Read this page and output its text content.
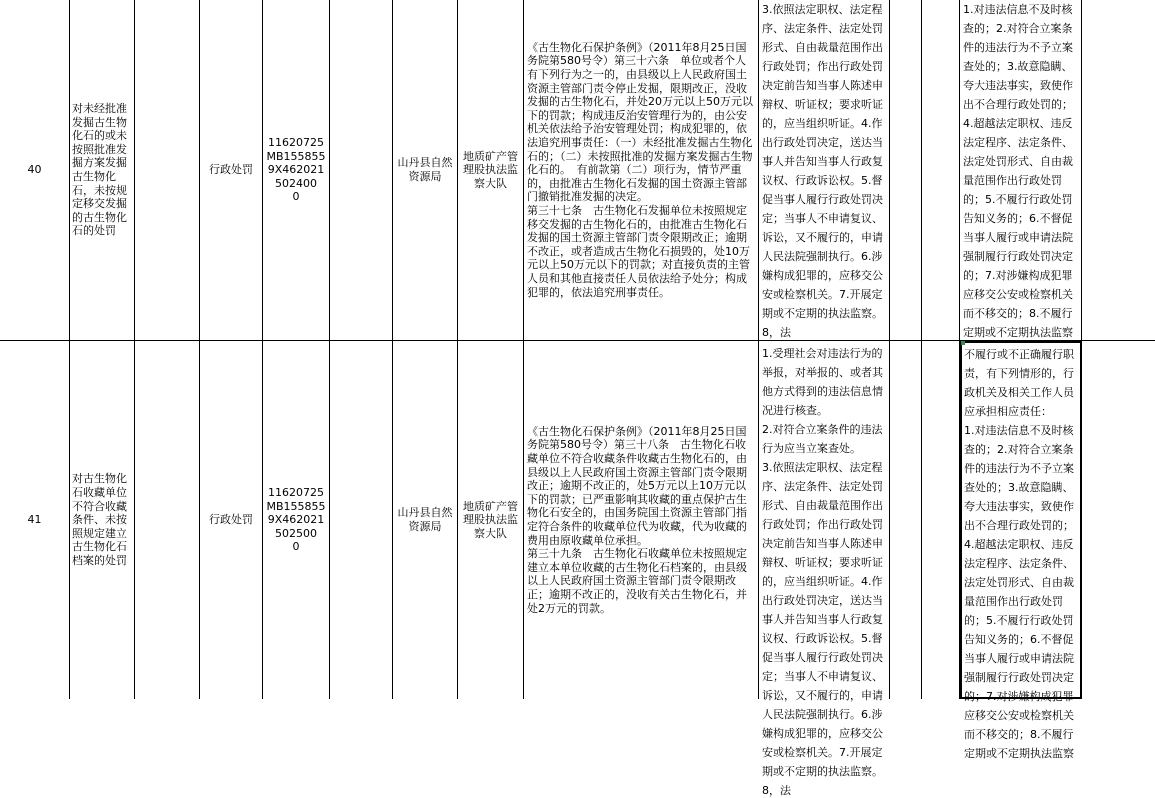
40
对未经批准发掘古生物化石的或未按照批准发掘方案发掘古生物化石，未按规定移交发掘的古生物化石的处罚
行政处罚
11620725MB1558559X462021502400
0
山丹县自然资源局
地质矿产管理股执法监察大队
《古生物化石保护条例》（2011年8月25日国务院第580号令）第三十六条　单位或者个人有下列行为之一的，由县级以上人民政府国土资源主管部门责令停止发掘，限期改正，没收发掘的古生物化石，并处20万元以上50万元以下的罚款；构成违反治安管理行为的，由公安机关依法给予治安管理处罚；构成犯罪的，依法追究刑事责任：（一）未经批准发掘古生物化石的；（二）未按照批准的发掘方案发掘古生物化石的。　有前款第（二）项行为，情节严重的，由批准古生物化石发掘的国土资源主管部门撤销批准发掘的决定。
第三十七条　古生物化石发掘单位未按照规定移交发掘的古生物化石的，由批准古生物化石发掘的国土资源主管部门责令限期改正；逾期不改正，或者造成古生物化石损毁的，处10万元以上50万元以下的罚款；对直接负责的主管人员和其他直接责任人员依法给予处分；构成犯罪的，依法追究刑事责任。

3.依照法定职权、法定程序、法定条件、法定处罚形式、自由裁量范围作出行政处罚；作出行政处罚决定前告知当事人陈述申辩权、听证权；要求听证的，应当组织听证。4.作出行政处罚决定，送达当事人并告知当事人行政复议权、行政诉讼权。5.督促当事人履行行政处罚决定；当事人不申请复议、诉讼，又不履行的，申请人民法院强制执行。6.涉嫌构成犯罪的，应移交公安或检察机关。7.开展定期或不定期的执法监察。8，法

1.对违法信息不及时核查的；2.对符合立案条件的违法行为不予立案查处的；3.故意隐瞒、夸大违法事实，致使作出不合理行政处罚的；4.超越法定职权、违反法定程序、法定条件、法定处罚形式、自由裁量范围作出行政处罚的；5.不履行行政处罚告知义务的；6.不督促当事人履行或申请法院强制履行行政处罚决定的；7.对涉嫌构成犯罪应移交公安或检察机关而不移交的；8.不履行定期或不定期执法监察
41
对古生物化石收藏单位不符合收藏条件、未按照规定建立古生物化石档案的处罚
行政处罚
11620725MB1558559X462021502500
0
山丹县自然资源局
地质矿产管理股执法监察大队
《古生物化石保护条例》（2011年8月25日国务院第580号令）第三十八条　古生物化石收藏单位不符合收藏条件收藏古生物化石的，由县级以上人民政府国土资源主管部门责令限期改正；逾期不改正的，处5万元以上10万元以下的罚款；已严重影响其收藏的重点保护古生物化石安全的，由国务院国土资源主管部门指定符合条件的收藏单位代为收藏，代为收藏的费用由原收藏单位承担。
第三十九条　古生物化石收藏单位未按照规定建立本单位收藏的古生物化石档案的，由县级以上人民政府国土资源主管部门责令限期改正；逾期不改正的，没收有关古生物化石，并处2万元的罚款。
1.受理社会对违法行为的举报，对举报的、或者其他方式得到的违法信息情况进行核查。
2.对符合立案条件的违法行为应当立案查处。
3.依照法定职权、法定程序、法定条件、法定处罚形式、自由裁量范围作出行政处罚；作出行政处罚决定前告知当事人陈述申辩权、听证权；要求听证的，应当组织听证。4.作出行政处罚决定，送达当事人并告知当事人行政复议权、行政诉讼权。5.督促当事人履行行政处罚决定；当事人不申请复议、诉讼，又不履行的，申请人民法院强制执行。6.涉嫌构成犯罪的，应移交公安或检察机关。7.开展定期或不定期的执法监察。8，法
不履行或不正确履行职责，有下列情形的，行政机关及相关工作人员应承担相应责任：
1.对违法信息不及时核查的；2.对符合立案条件的违法行为不予立案查处的；3.故意隐瞒、夸大违法事实，致使作出不合理行政处罚的；4.超越法定职权、违反法定程序、法定条件、法定处罚形式、自由裁量范围作出行政处罚的；5.不履行行政处罚告知义务的；6.不督促当事人履行或申请法院强制履行行政处罚决定的；7.对涉嫌构成犯罪应移交公安或检察机关而不移交的；8.不履行定期或不定期执法监察
